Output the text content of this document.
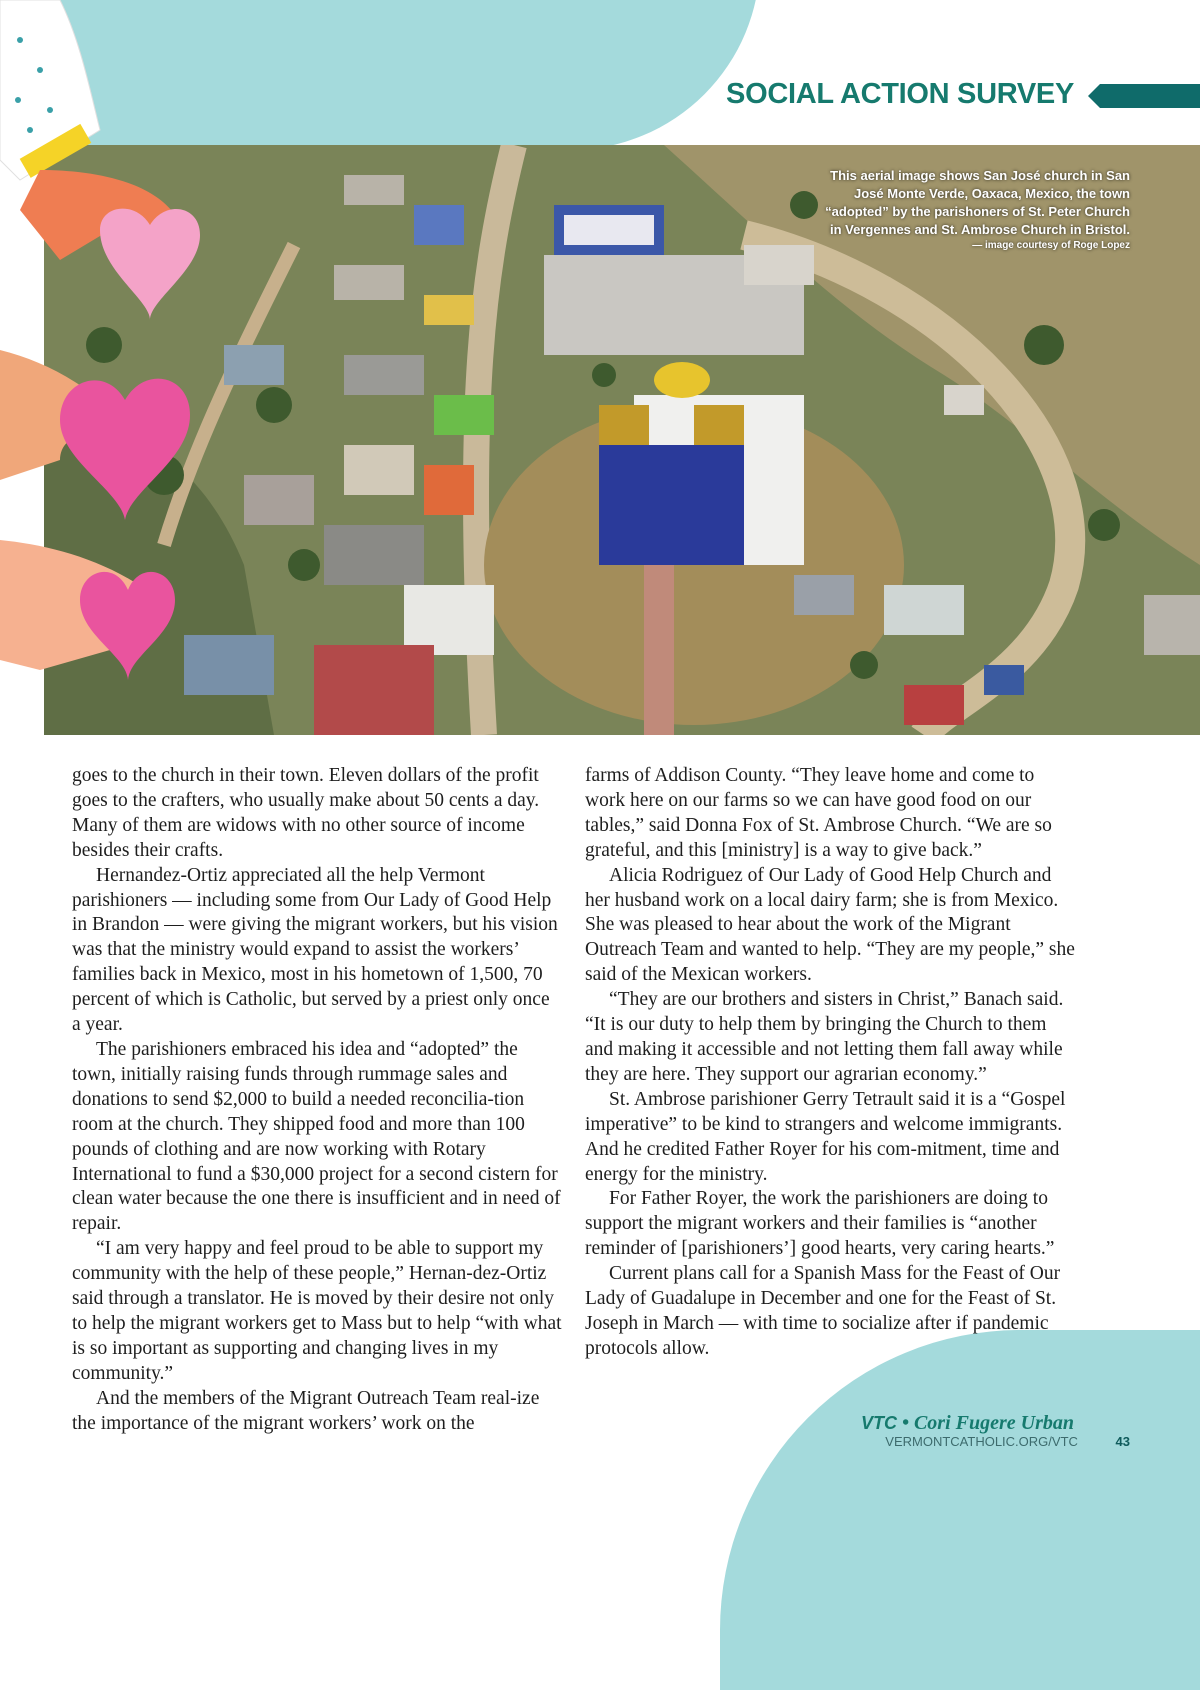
SOCIAL ACTION SURVEY
This aerial image shows San José church in San
José Monte Verde, Oaxaca, Mexico, the town
“adopted” by the parishoners of St. Peter Church
in Vergennes and St. Ambrose Church in Bristol.
— image courtesy of Roge Lopez

goes to the church in their town. Eleven dollars of the profit goes to the crafters, who usually make about 50 cents a day. Many of them are widows with no other source of income besides their crafts.

Hernandez-Ortiz appreciated all the help Vermont parishioners — including some from Our Lady of Good Help in Brandon — were giving the migrant workers, but his vision was that the ministry would expand to assist the workers’ families back in Mexico, most in his hometown of 1,500, 70 percent of which is Catholic, but served by a priest only once a year.

The parishioners embraced his idea and “adopted” the town, initially raising funds through rummage sales and donations to send $2,000 to build a needed reconcilia-tion room at the church. They shipped food and more than 100 pounds of clothing and are now working with Rotary International to fund a $30,000 project for a second cistern for clean water because the one there is insufficient and in need of repair.

“I am very happy and feel proud to be able to support my community with the help of these people,” Hernan-dez-Ortiz said through a translator. He is moved by their desire not only to help the migrant workers get to Mass but to help “with what is so important as supporting and changing lives in my community.”

And the members of the Migrant Outreach Team real-ize the importance of the migrant workers’ work on the

farms of Addison County. “They leave home and come to work here on our farms so we can have good food on our tables,” said Donna Fox of St. Ambrose Church. “We are so grateful, and this [ministry] is a way to give back.”

Alicia Rodriguez of Our Lady of Good Help Church and her husband work on a local dairy farm; she is from Mexico. She was pleased to hear about the work of the Migrant Outreach Team and wanted to help. “They are my people,” she said of the Mexican workers.

“They are our brothers and sisters in Christ,” Banach said. “It is our duty to help them by bringing the Church to them and making it accessible and not letting them fall away while they are here. They support our agrarian economy.”

St. Ambrose parishioner Gerry Tetrault said it is a “Gospel imperative” to be kind to strangers and welcome immigrants. And he credited Father Royer for his com-mitment, time and energy for the ministry.

For Father Royer, the work the parishioners are doing to support the migrant workers and their families is “another reminder of [parishioners’] good hearts, very caring hearts.”

Current plans call for a Spanish Mass for the Feast of Our Lady of Guadalupe in December and one for the Feast of St. Joseph in March — with time to socialize after if pandemic protocols allow.

VTC • Cori Fugere Urban
VERMONTCATHOLIC.ORG/VTC	43
